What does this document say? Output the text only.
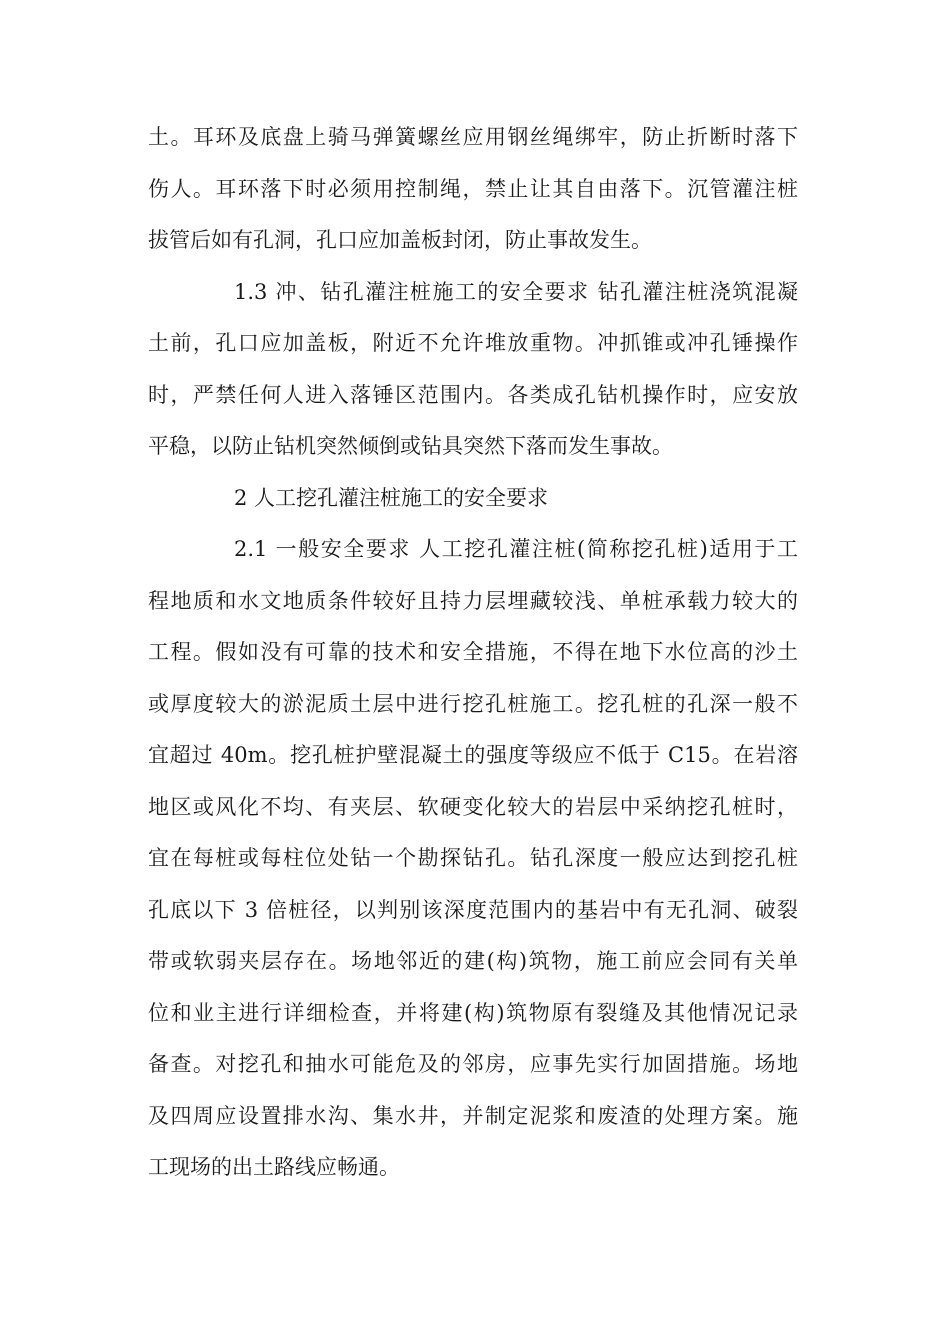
土。耳环及底盘上骑马弹簧螺丝应用钢丝绳绑牢，防止折断时落下
伤人。耳环落下时必须用控制绳，禁止让其自由落下。沉管灌注桩
拔管后如有孔洞，孔口应加盖板封闭，防止事故发生。
1.3 冲、钻孔灌注桩施工的安全要求 钻孔灌注桩浇筑混凝
土前，孔口应加盖板，附近不允许堆放重物。冲抓锥或冲孔锤操作
时，严禁任何人进入落锤区范围内。各类成孔钻机操作时，应安放
平稳，以防止钻机突然倾倒或钻具突然下落而发生事故。
2 人工挖孔灌注桩施工的安全要求
2.1 一般安全要求 人工挖孔灌注桩(简称挖孔桩)适用于工
程地质和水文地质条件较好且持力层埋藏较浅、单桩承载力较大的
工程。假如没有可靠的技术和安全措施，不得在地下水位高的沙土
或厚度较大的淤泥质土层中进行挖孔桩施工。挖孔桩的孔深一般不
宜超过 40m。挖孔桩护壁混凝土的强度等级应不低于 C15。在岩溶
地区或风化不均、有夹层、软硬变化较大的岩层中采纳挖孔桩时，
宜在每桩或每柱位处钻一个勘探钻孔。钻孔深度一般应达到挖孔桩
孔底以下 3 倍桩径，以判别该深度范围内的基岩中有无孔洞、破裂
带或软弱夹层存在。场地邻近的建(构)筑物，施工前应会同有关单
位和业主进行详细检查，并将建(构)筑物原有裂缝及其他情况记录
备查。对挖孔和抽水可能危及的邻房，应事先实行加固措施。场地
及四周应设置排水沟、集水井，并制定泥浆和废渣的处理方案。施
工现场的出土路线应畅通。
